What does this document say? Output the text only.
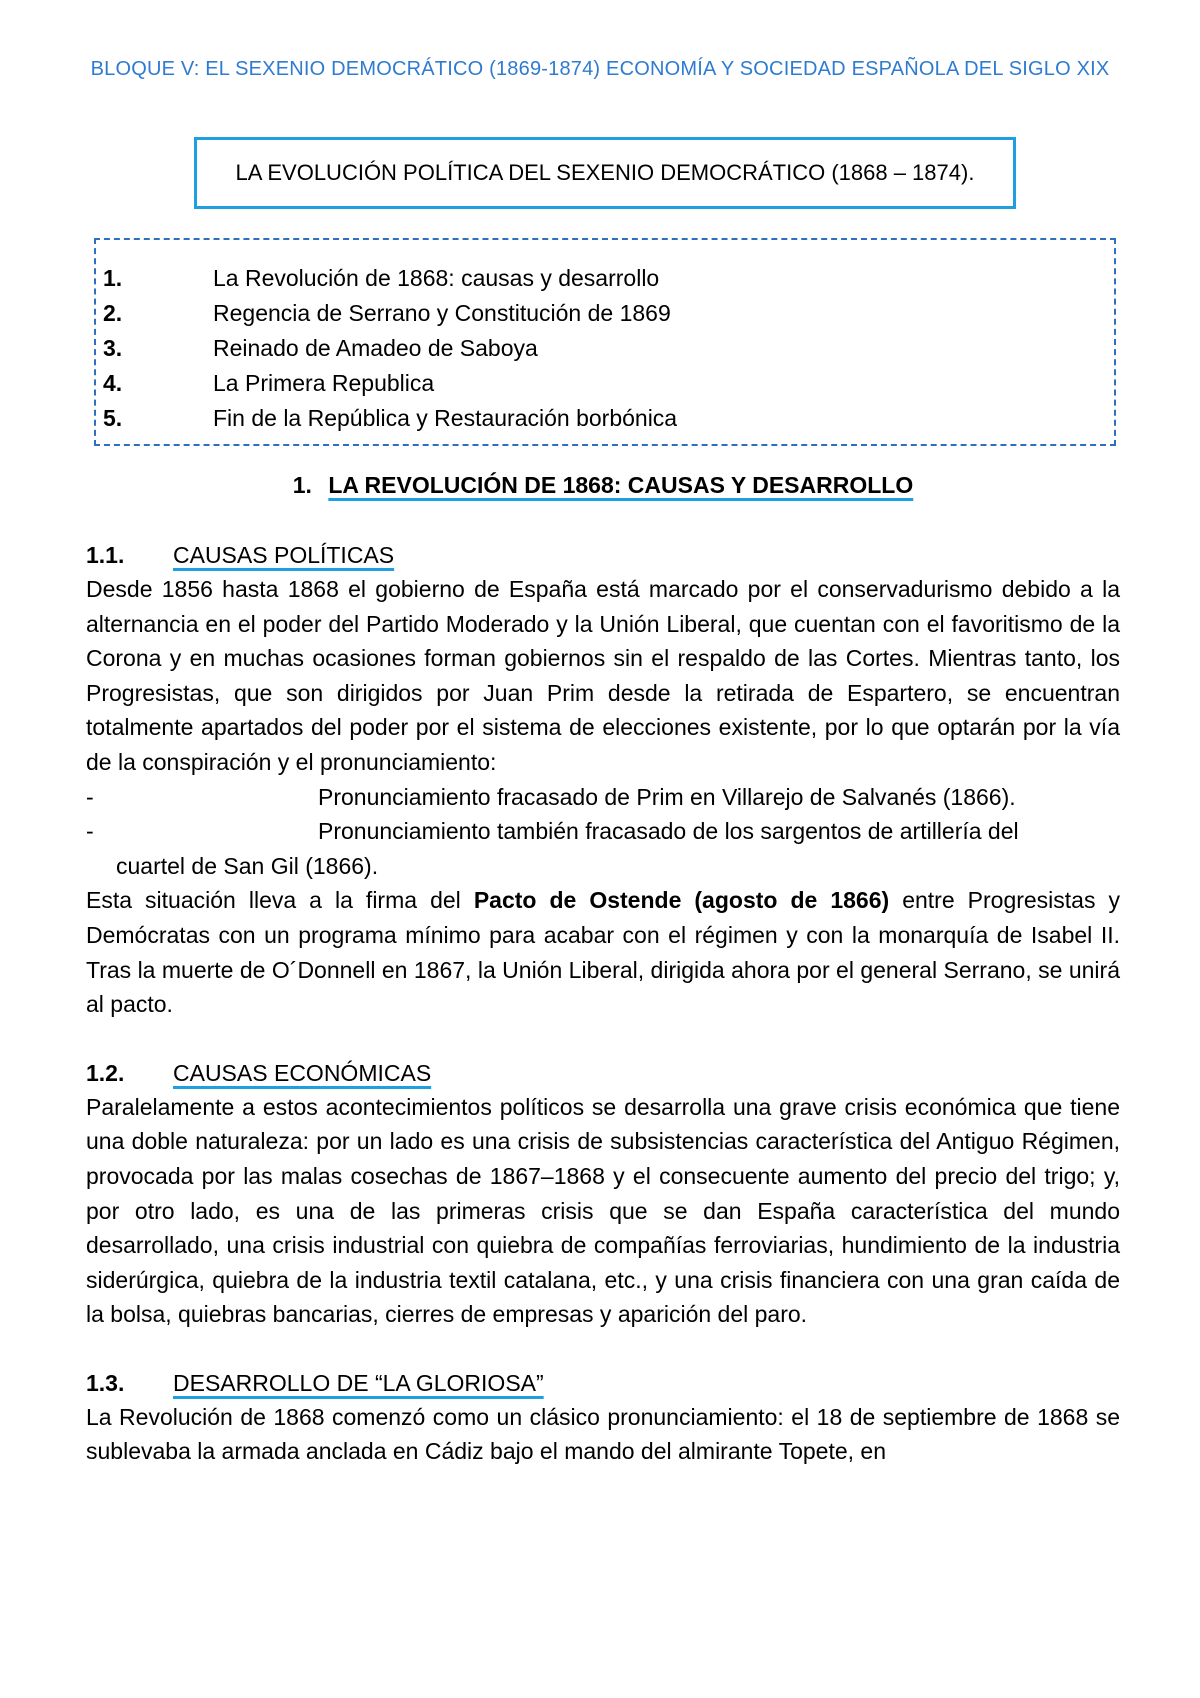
BLOQUE V: EL SEXENIO DEMOCRÁTICO (1869-1874) ECONOMÍA Y SOCIEDAD ESPAÑOLA DEL SIGLO XIX
LA EVOLUCIÓN POLÍTICA DEL SEXENIO DEMOCRÁTICO (1868 – 1874).
1.	La Revolución de 1868: causas y desarrollo
2.	Regencia de Serrano y Constitución de 1869
3.	Reinado de Amadeo de Saboya
4.	La Primera Republica
5.	Fin de la República y Restauración borbónica
1. LA REVOLUCIÓN DE 1868: CAUSAS Y DESARROLLO
1.1.	CAUSAS POLÍTICAS
Desde 1856 hasta 1868 el gobierno de España está marcado por el conservadurismo debido a la alternancia en el poder del Partido Moderado y la Unión Liberal, que cuentan con el favoritismo de la Corona y en muchas ocasiones forman gobiernos sin el respaldo de las Cortes. Mientras tanto, los Progresistas, que son dirigidos por Juan Prim desde la retirada de Espartero, se encuentran totalmente apartados del poder por el sistema de elecciones existente, por lo que optarán por la vía de la conspiración y el pronunciamiento:
-	Pronunciamiento fracasado de Prim en Villarejo de Salvanés (1866).
-	Pronunciamiento también fracasado de los sargentos de artillería del
cuartel de San Gil (1866).
Esta situación lleva a la firma del Pacto de Ostende (agosto de 1866) entre Progresistas y Demócratas con un programa mínimo para acabar con el régimen y con la monarquía de Isabel II. Tras la muerte de O´Donnell en 1867, la Unión Liberal, dirigida ahora por el general Serrano, se unirá al pacto.
1.2.	CAUSAS ECONÓMICAS
Paralelamente a estos acontecimientos políticos se desarrolla una grave crisis económica que tiene una doble naturaleza: por un lado es una crisis de subsistencias característica del Antiguo Régimen, provocada por las malas cosechas de 1867–1868 y el consecuente aumento del precio del trigo; y, por otro lado, es una de las primeras crisis que se dan España característica del mundo desarrollado, una crisis industrial con quiebra de compañías ferroviarias, hundimiento de la industria siderúrgica, quiebra de la industria textil catalana, etc., y una crisis financiera con una gran caída de la bolsa, quiebras bancarias, cierres de empresas y aparición del paro.
1.3.	DESARROLLO DE “LA GLORIOSA”
La Revolución de 1868 comenzó como un clásico pronunciamiento: el 18 de septiembre de 1868 se sublevaba la armada anclada en Cádiz bajo el mando del almirante Topete, en
